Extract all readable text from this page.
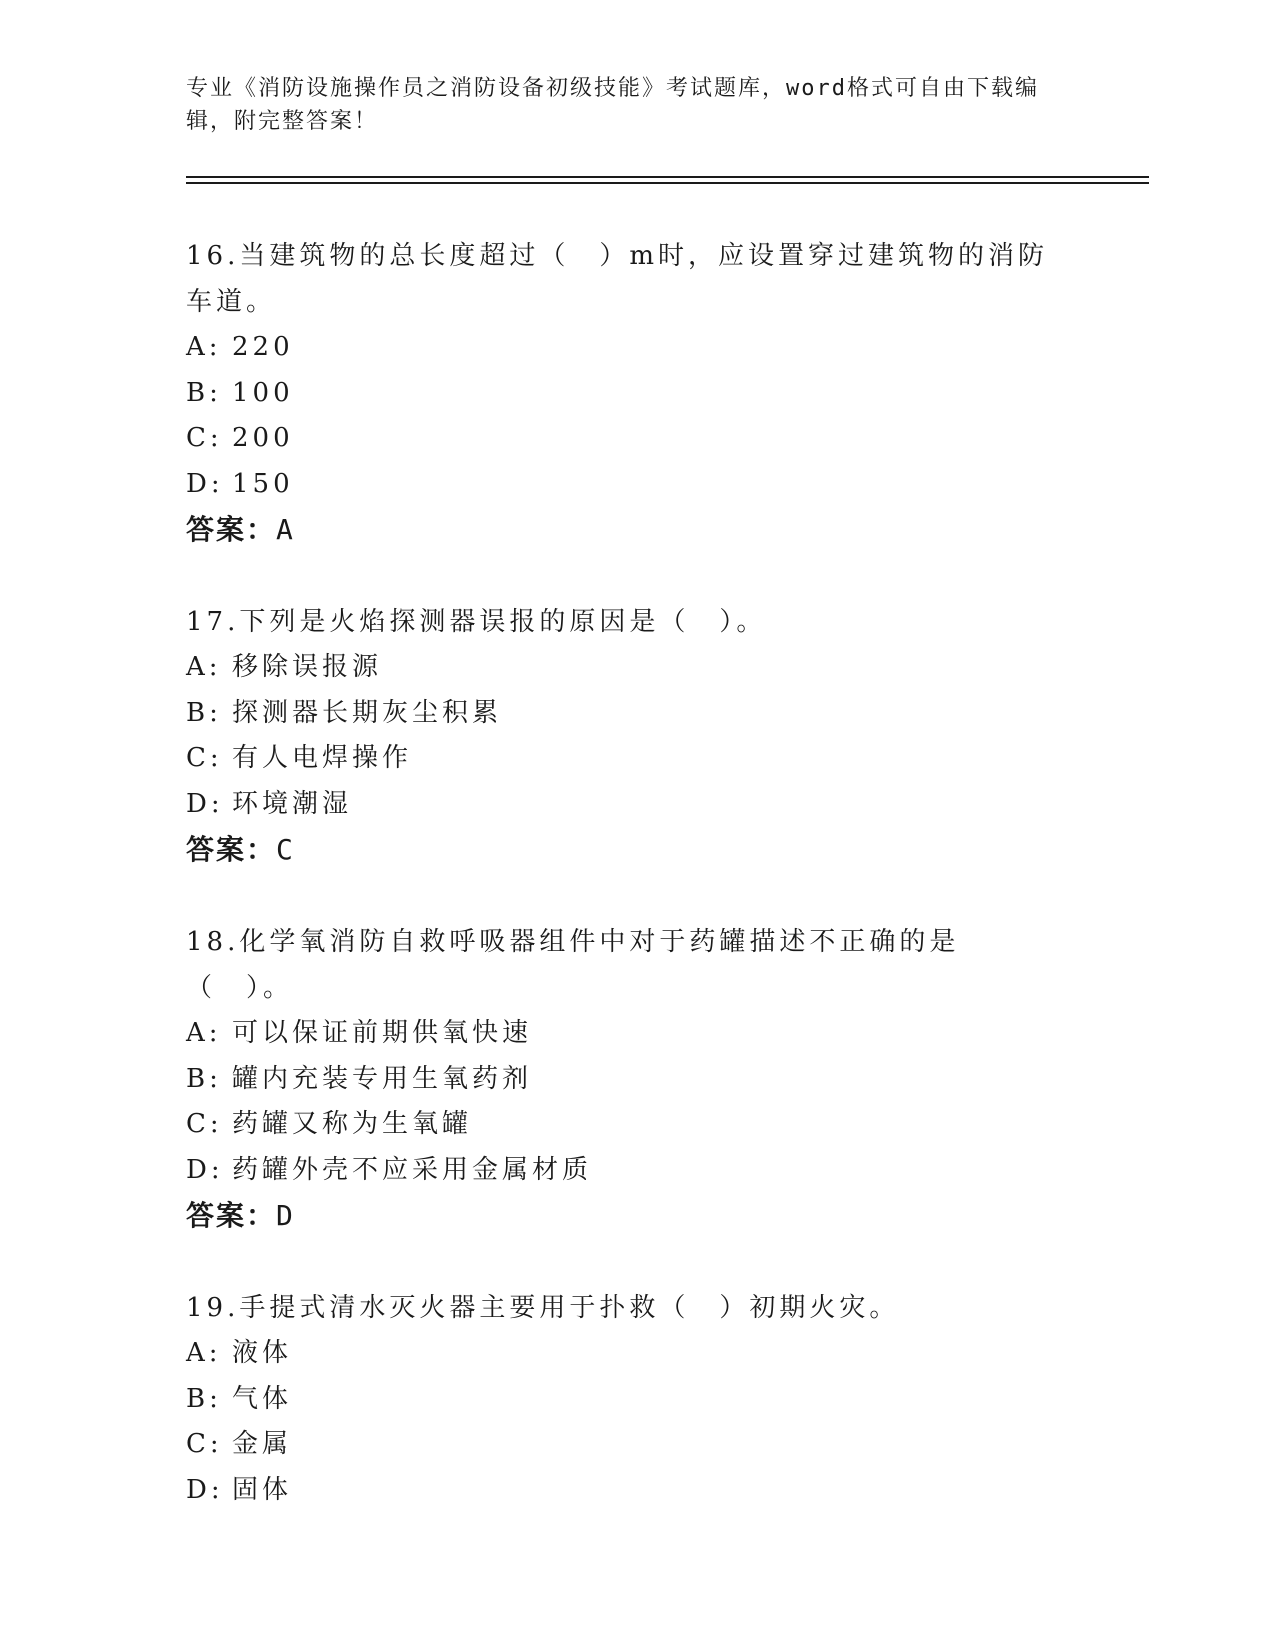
专业《消防设施操作员之消防设备初级技能》考试题库，word格式可自由下载编辑，附完整答案！
16.当建筑物的总长度超过（　）m时，应设置穿过建筑物的消防车道。
A: 220
B: 100
C: 200
D: 150
答案：A
17.下列是火焰探测器误报的原因是（　）。
A: 移除误报源
B: 探测器长期灰尘积累
C: 有人电焊操作
D: 环境潮湿
答案：C
18.化学氧消防自救呼吸器组件中对于药罐描述不正确的是（　）。
A: 可以保证前期供氧快速
B: 罐内充装专用生氧药剂
C: 药罐又称为生氧罐
D: 药罐外壳不应采用金属材质
答案：D
19.手提式清水灭火器主要用于扑救（　）初期火灾。
A: 液体
B: 气体
C: 金属
D: 固体
